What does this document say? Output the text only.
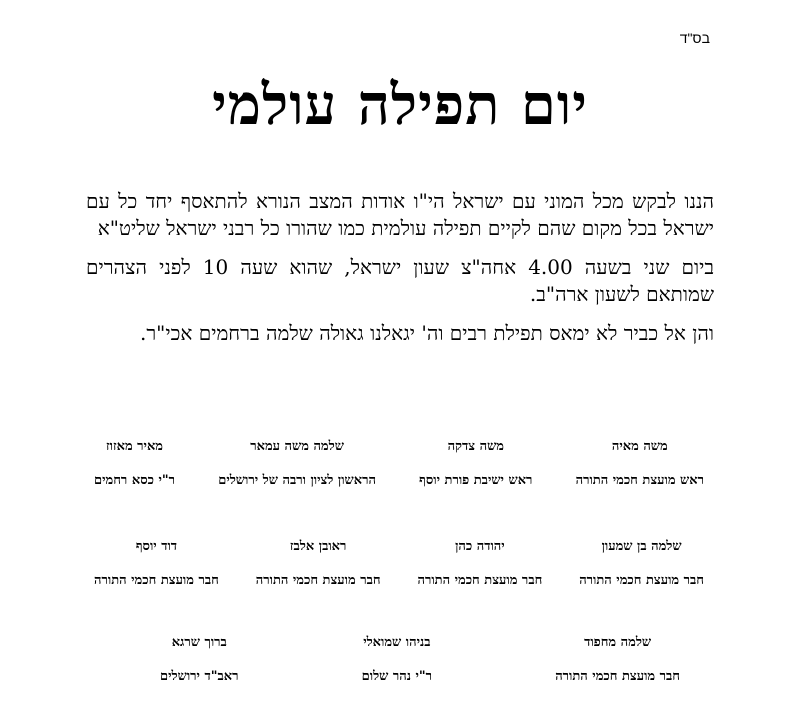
בס"ד
יום תפילה עולמי

הננו לבקש מכל המוני עם ישראל הי"ו אודות המצב הנורא להתאסף יחד כל עם ישראל בכל מקום שהם לקיים תפילה עולמית כמו שהורו כל רבני ישראל שליט"א

ביום שני בשעה 4.00 אחה"צ שעון ישראל, שהוא שעה 10 לפני הצהרים שמותאם לשעון ארה"ב.

והן אל כביר לא ימאס תפילת רבים וה' יגאלנו גאולה שלמה ברחמים אכי"ר.

משה מאיה
ראש מועצת חכמי התורה
משה צדקה
ראש ישיבת פורת יוסף
שלמה משה עמאר
הראשון לציון ורבה של ירושלים
מאיר מאזוז
ר"י כסא רחמים
שלמה בן שמעון
חבר מועצת חכמי התורה
יהודה כהן
חבר מועצת חכמי התורה
ראובן אלבז
חבר מועצת חכמי התורה
דוד יוסף
חבר מועצת חכמי התורה
שלמה מחפוד
חבר מועצת חכמי התורה
בניהו שמואלי
ר"י נהר שלום
ברוך שרגא
ראב"ד ירושלים
